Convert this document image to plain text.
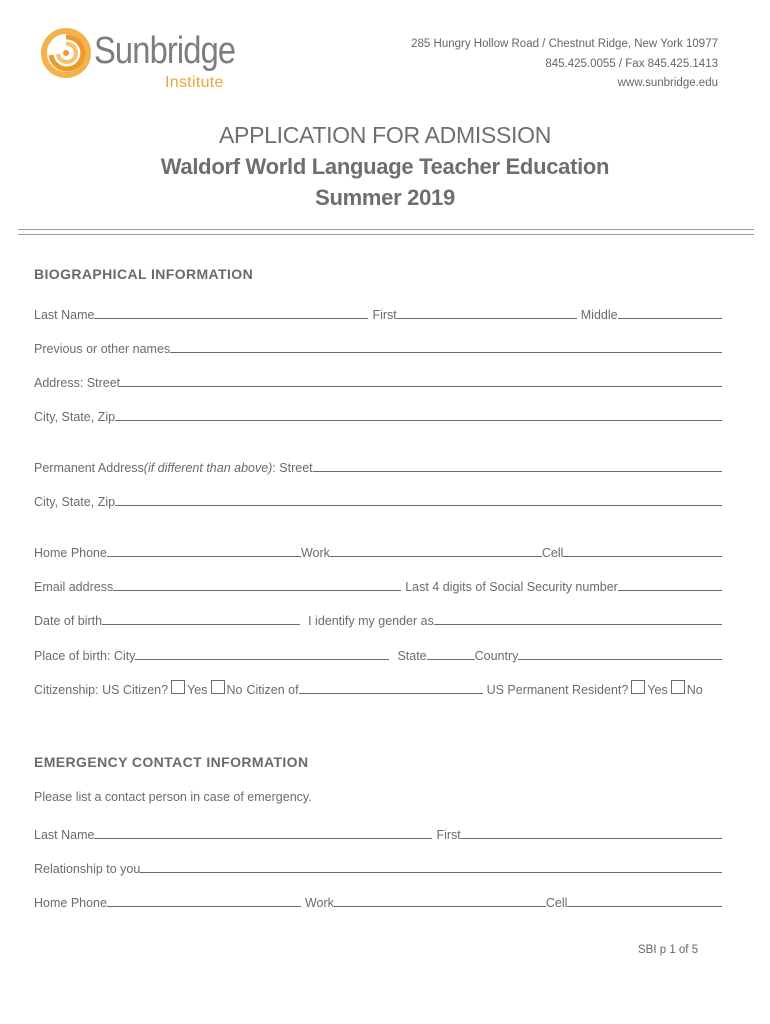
Sunbridge
Institute
285 Hungry Hollow Road / Chestnut Ridge, New York 10977
845.425.0055 / Fax 845.425.1413
www.sunbridge.edu
APPLICATION FOR ADMISSION
Waldorf World Language Teacher Education
Summer 2019
BIOGRAPHICAL INFORMATION
Last Name	First	Middle
Previous or other names
Address: Street
City, State, Zip
Permanent Address (if different than above) : Street
City, State, Zip
Home Phone	Work	Cell
Email address	Last 4 digits of Social Security number
Date of birth	I identify my gender as
Place of birth: City	State	Country
Citizenship: US Citizen? Yes No Citizen of	US Permanent Resident? Yes No
EMERGENCY CONTACT INFORMATION
Please list a contact person in case of emergency.
Last Name	First
Relationship to you
Home Phone	Work	Cell
SBI p 1 of 5
